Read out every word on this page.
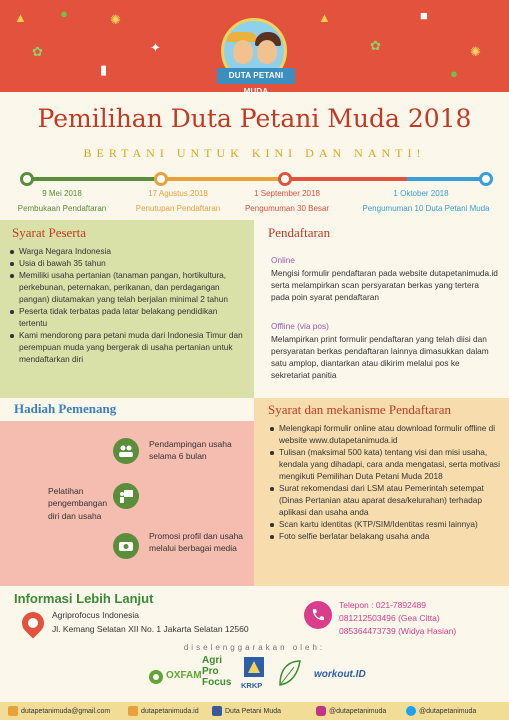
▲	●	✺
✿	✦
▲
✿
■
✺
▮	●
DUTA PETANI MUDA
Pemilihan Duta Petani Muda 2018
BERTANI UNTUK KINI DAN NANTI!
9 Mei 2018
Pembukaan Pendaftaran
17 Agustus 2018
Penutupan Pendaftaran
1 September 2018
Pengumuman 30 Besar
1 Oktober 2018
Pengumuman 10 Duta Petani Muda
Syarat Peserta
Warga Negara Indonesia
Usia di bawah 35 tahun
Memiliki usaha pertanian (tanaman pangan, hortikultura, perkebunan, peternakan, perikanan, dan perdagangan pangan) diutamakan yang telah berjalan minimal 2 tahun
Peserta tidak terbatas pada latar belakang pendidikan tertentu
Kami mendorong para petani muda dari Indonesia Timur dan perempuan muda yang bergerak di usaha pertanian untuk mendaftarkan diri
Pendaftaran
Online
Mengisi formulir pendaftaran pada website dutapetanimuda.id serta melampirkan scan persyaratan berkas yang tertera pada poin syarat pendaftaran
Offline (via pos)
Melampirkan print formulir pendaftaran yang telah diisi dan persyaratan berkas pendaftaran lainnya dimasukkan dalam satu amplop, diantarkan atau dikirim melalui pos ke sekretariat panitia
Hadiah Pemenang
Pendampingan usaha selama 6 bulan
Pelatihan pengembangan diri dan usaha
Promosi profil dan usaha melalui berbagai media
Syarat dan mekanisme Pendaftaran
Melengkapi formulir online atau download formulir offline di website www.dutapetanimuda.id
Tulisan (maksimal 500 kata) tentang visi dan misi usaha, kendala yang dihadapi, cara anda mengatasi, serta motivasi mengikuti Pemilihan Duta Petani Muda 2018
Surat rekomendasi dari LSM atau Pemerintah setempat (Dinas Pertanian atau aparat desa/kelurahan) terhadap aplikasi dan usaha anda
Scan kartu identitas (KTP/SIM/Identitas resmi lainnya)
Foto selfie berlatar belakang usaha anda
Informasi Lebih Lanjut
Agriprofocus Indonesia
Jl. Kemang Selatan XII No. 1 Jakarta Selatan 12560
Telepon : 021-7892489
081212503496 (Gea Citta)
085364473739 (Widya Hasian)
diselenggarakan oleh:
OXFAM
Agri
Pro
Focus KRKP
workout.ID
dutapetanimuda@gmail.com	dutapetanimuda.id	Duta Petani Muda	@dutapetanimuda	@dutapetanimuda
